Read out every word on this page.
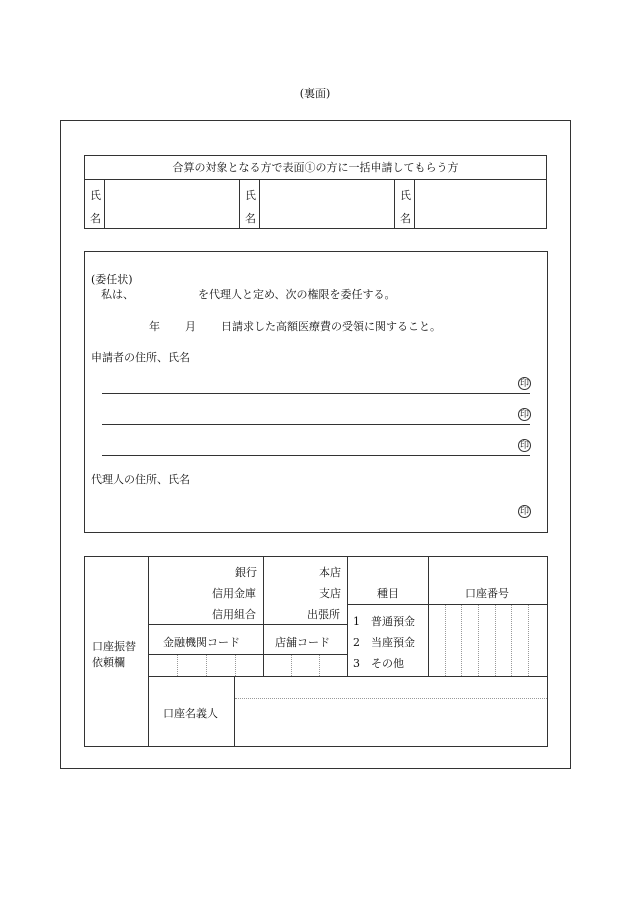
(裏面)
合算の対象となる方で表面①の方に一括申請してもらう方
氏
名
氏
名
氏
名
(委任状)
私は、	を代理人と定め、次の権限を委任する。
年 月 日請求した高額医療費の受領に関すること。
申請者の住所、氏名
印
印
印
代理人の住所、氏名
印
口座振替
依頼欄
銀行
信用金庫
信用組合
本店
支店
出張所
金融機関コード	店舗コード
種目
1　普通預金
2　当座預金
3　その他
口座番号
口座名義人
